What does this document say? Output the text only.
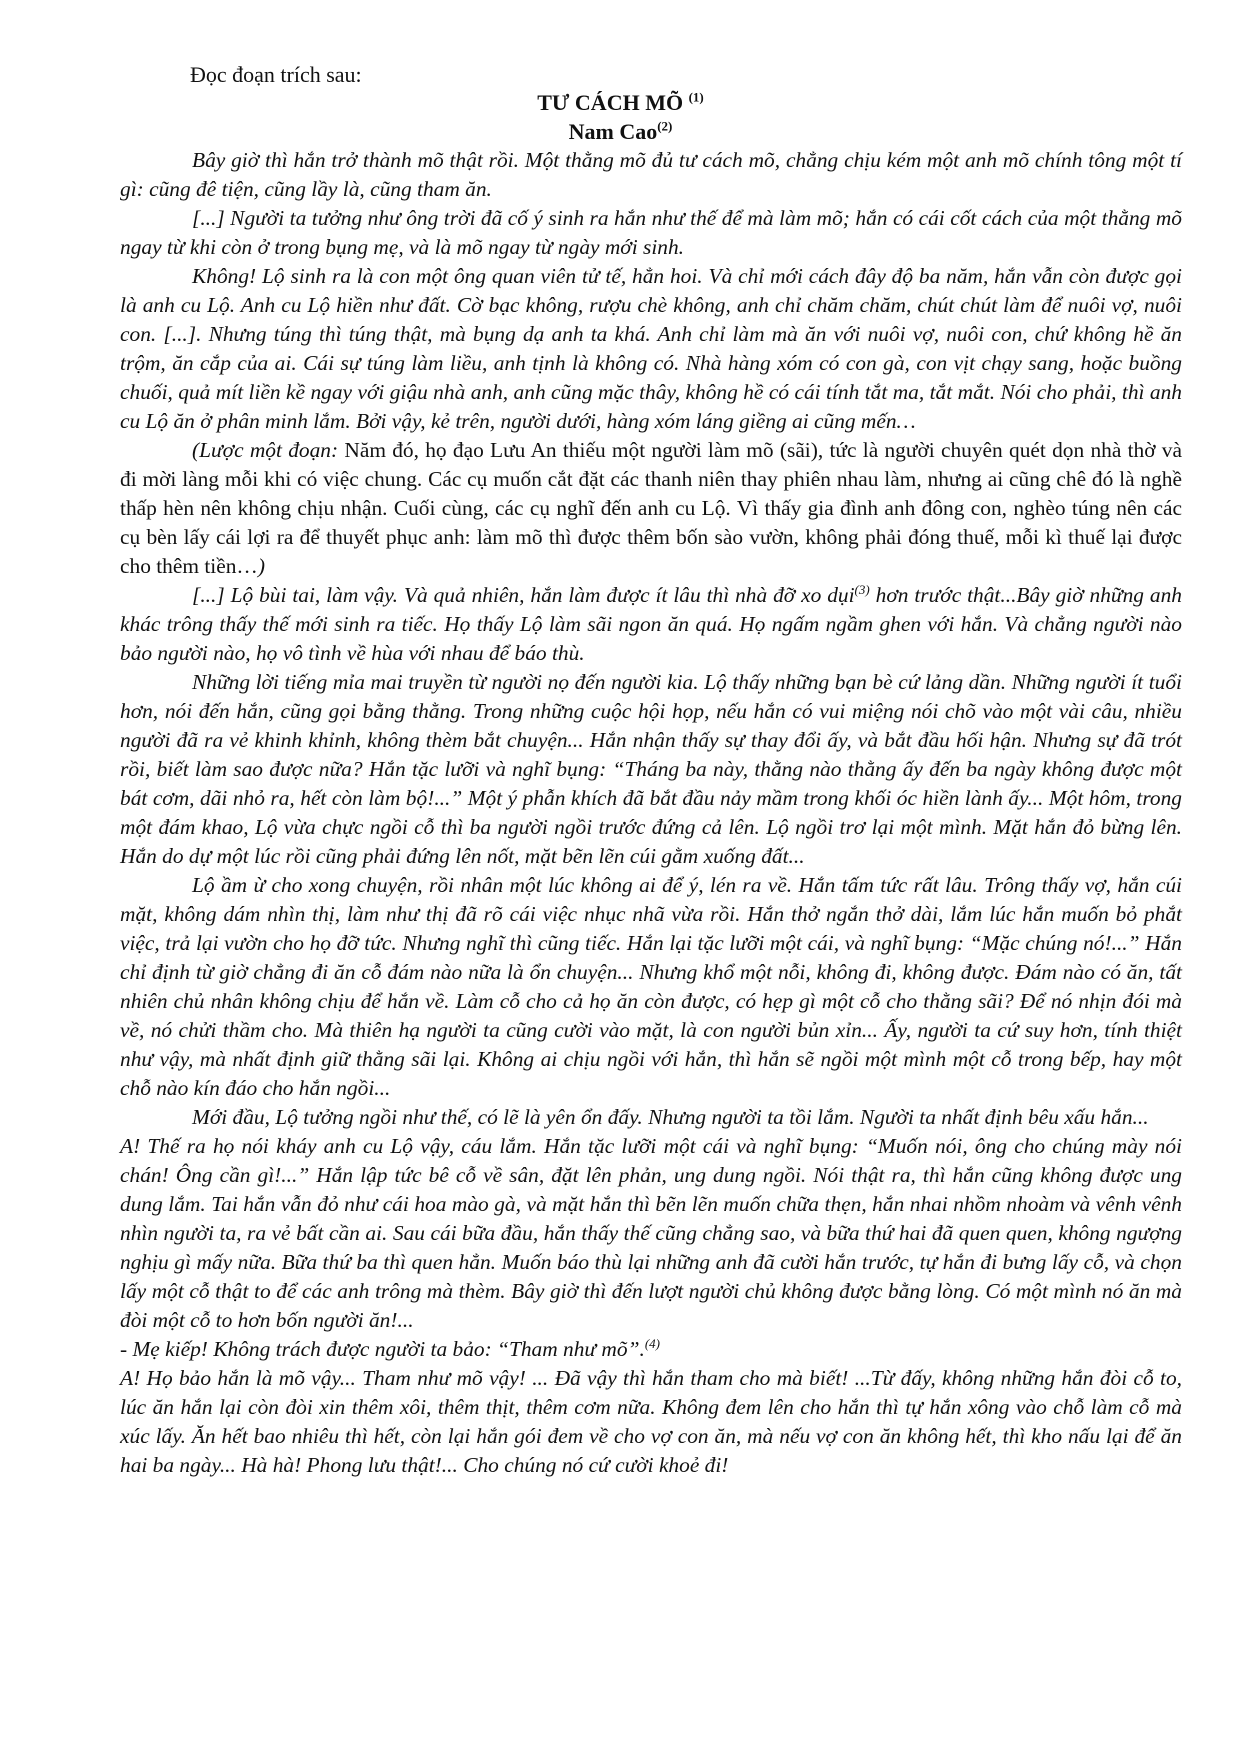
Đọc đoạn trích sau:
TƯ CÁCH MÕ $^{(1)}$
Nam Cao$^{(2)}$

Bây giờ thì hắn trở thành mõ thật rồi. Một thằng mõ đủ tư cách mõ, chẳng chịu kém một anh mõ chính tông một tí gì: cũng đê tiện, cũng lầy là, cũng tham ăn.

[...] Người ta tưởng như ông trời đã cố ý sinh ra hắn như thế để mà làm mõ; hắn có cái cốt cách của một thằng mõ ngay từ khi còn ở trong bụng mẹ, và là mõ ngay từ ngày mới sinh.

Không! Lộ sinh ra là con một ông quan viên tử tế, hẳn hoi. Và chỉ mới cách đây độ ba năm, hắn vẫn còn được gọi là anh cu Lộ. Anh cu Lộ hiền như đất. Cờ bạc không, rượu chè không, anh chỉ chăm chăm, chút chút làm để nuôi vợ, nuôi con. [...]. Nhưng túng thì túng thật, mà bụng dạ anh ta khá. Anh chỉ làm mà ăn với nuôi vợ, nuôi con, chứ không hề ăn trộm, ăn cắp của ai. Cái sự túng làm liều, anh tịnh là không có. Nhà hàng xóm có con gà, con vịt chạy sang, hoặc buồng chuối, quả mít liền kề ngay với giậu nhà anh, anh cũng mặc thây, không hề có cái tính tắt ma, tắt mắt. Nói cho phải, thì anh cu Lộ ăn ở phân minh lắm. Bởi vậy, kẻ trên, người dưới, hàng xóm láng giềng ai cũng mến…

(Lược một đoạn: Năm đó, họ đạo Lưu An thiếu một người làm mõ (sãi), tức là người chuyên quét dọn nhà thờ và đi mời làng mỗi khi có việc chung. Các cụ muốn cắt đặt các thanh niên thay phiên nhau làm, nhưng ai cũng chê đó là nghề thấp hèn nên không chịu nhận. Cuối cùng, các cụ nghĩ đến anh cu Lộ. Vì thấy gia đình anh đông con, nghèo túng nên các cụ bèn lấy cái lợi ra để thuyết phục anh: làm mõ thì được thêm bốn sào vườn, không phải đóng thuế, mỗi kì thuế lại được cho thêm tiền…)

[...] Lộ bùi tai, làm vậy. Và quả nhiên, hắn làm được ít lâu thì nhà đỡ xo dụi$^{(3)}$ hơn trước thật...Bây giờ những anh khác trông thấy thế mới sinh ra tiếc. Họ thấy Lộ làm sãi ngon ăn quá. Họ ngấm ngầm ghen với hắn. Và chẳng người nào bảo người nào, họ vô tình về hùa với nhau để báo thù.

Những lời tiếng mỉa mai truyền từ người nọ đến người kia. Lộ thấy những bạn bè cứ lảng dần. Những người ít tuổi hơn, nói đến hắn, cũng gọi bằng thằng. Trong những cuộc hội họp, nếu hắn có vui miệng nói chõ vào một vài câu, nhiều người đã ra vẻ khinh khỉnh, không thèm bắt chuyện... Hắn nhận thấy sự thay đổi ấy, và bắt đầu hối hận. Nhưng sự đã trót rồi, biết làm sao được nữa? Hắn tặc lưỡi và nghĩ bụng: “Tháng ba này, thằng nào thằng ấy đến ba ngày không được một bát cơm, dãi nhỏ ra, hết còn làm bộ!...” Một ý phẫn khích đã bắt đầu nảy mầm trong khối óc hiền lành ấy... Một hôm, trong một đám khao, Lộ vừa chực ngồi cỗ thì ba người ngồi trước đứng cả lên. Lộ ngồi trơ lại một mình. Mặt hắn đỏ bừng lên. Hắn do dự một lúc rồi cũng phải đứng lên nốt, mặt bẽn lẽn cúi gằm xuống đất...

Lộ ầm ừ cho xong chuyện, rồi nhân một lúc không ai để ý, lén ra về. Hắn tấm tức rất lâu. Trông thấy vợ, hắn cúi mặt, không dám nhìn thị, làm như thị đã rõ cái việc nhục nhã vừa rồi. Hắn thở ngắn thở dài, lắm lúc hắn muốn bỏ phắt việc, trả lại vườn cho họ đỡ tức. Nhưng nghĩ thì cũng tiếc. Hắn lại tặc lưỡi một cái, và nghĩ bụng: “Mặc chúng nó!...” Hắn chỉ định từ giờ chẳng đi ăn cỗ đám nào nữa là ổn chuyện... Nhưng khổ một nỗi, không đi, không được. Đám nào có ăn, tất nhiên chủ nhân không chịu để hắn về. Làm cỗ cho cả họ ăn còn được, có hẹp gì một cỗ cho thằng sãi? Để nó nhịn đói mà về, nó chửi thầm cho. Mà thiên hạ người ta cũng cười vào mặt, là con người bủn xỉn... Ấy, người ta cứ suy hơn, tính thiệt như vậy, mà nhất định giữ thằng sãi lại. Không ai chịu ngồi với hắn, thì hắn sẽ ngồi một mình một cỗ trong bếp, hay một chỗ nào kín đáo cho hắn ngồi...

Mới đầu, Lộ tưởng ngồi như thế, có lẽ là yên ổn đấy. Nhưng người ta tồi lắm. Người ta nhất định bêu xấu hắn...

A! Thế ra họ nói kháy anh cu Lộ vậy, cáu lắm. Hắn tặc lưỡi một cái và nghĩ bụng: “Muốn nói, ông cho chúng mày nói chán! Ông cần gì!...” Hắn lập tức bê cỗ về sân, đặt lên phản, ung dung ngồi. Nói thật ra, thì hắn cũng không được ung dung lắm. Tai hắn vẫn đỏ như cái hoa mào gà, và mặt hắn thì bẽn lẽn muốn chữa thẹn, hắn nhai nhồm nhoàm và vênh vênh nhìn người ta, ra vẻ bất cần ai. Sau cái bữa đầu, hắn thấy thế cũng chẳng sao, và bữa thứ hai đã quen quen, không ngượng nghịu gì mấy nữa. Bữa thứ ba thì quen hẳn. Muốn báo thù lại những anh đã cười hắn trước, tự hắn đi bưng lấy cỗ, và chọn lấy một cỗ thật to để các anh trông mà thèm. Bây giờ thì đến lượt người chủ không được bằng lòng. Có một mình nó ăn mà đòi một cỗ to hơn bốn người ăn!...

- Mẹ kiếp! Không trách được người ta bảo: “Tham như mõ”.$^{(4)}$

A! Họ bảo hắn là mõ vậy... Tham như mõ vậy! ... Đã vậy thì hắn tham cho mà biết! ...Từ đấy, không những hắn đòi cỗ to, lúc ăn hắn lại còn đòi xin thêm xôi, thêm thịt, thêm cơm nữa. Không đem lên cho hắn thì tự hắn xông vào chỗ làm cỗ mà xúc lấy. Ăn hết bao nhiêu thì hết, còn lại hắn gói đem về cho vợ con ăn, mà nếu vợ con ăn không hết, thì kho nấu lại để ăn hai ba ngày... Hà hà! Phong lưu thật!... Cho chúng nó cứ cười khoẻ đi!
